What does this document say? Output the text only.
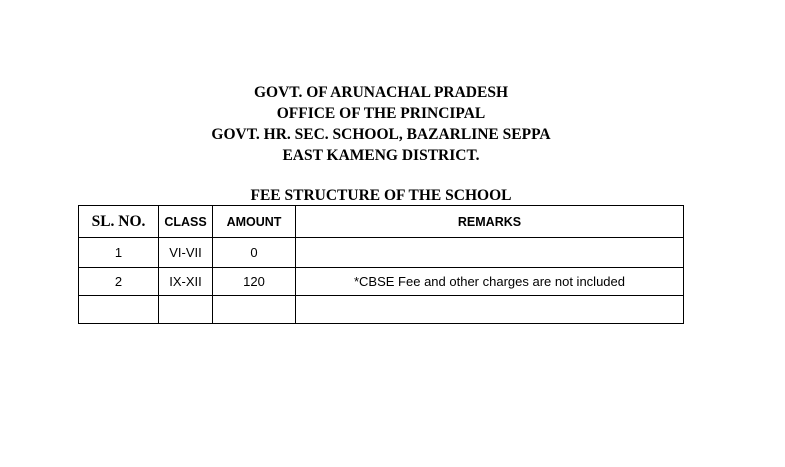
GOVT. OF ARUNACHAL PRADESH
OFFICE OF THE PRINCIPAL
GOVT. HR. SEC. SCHOOL, BAZARLINE SEPPA
EAST KAMENG DISTRICT.
FEE STRUCTURE OF THE SCHOOL
SL. NO.	CLASS	AMOUNT	REMARKS
1	VI-VII	0	
2	IX-XII	120	*CBSE Fee and other charges are not included
